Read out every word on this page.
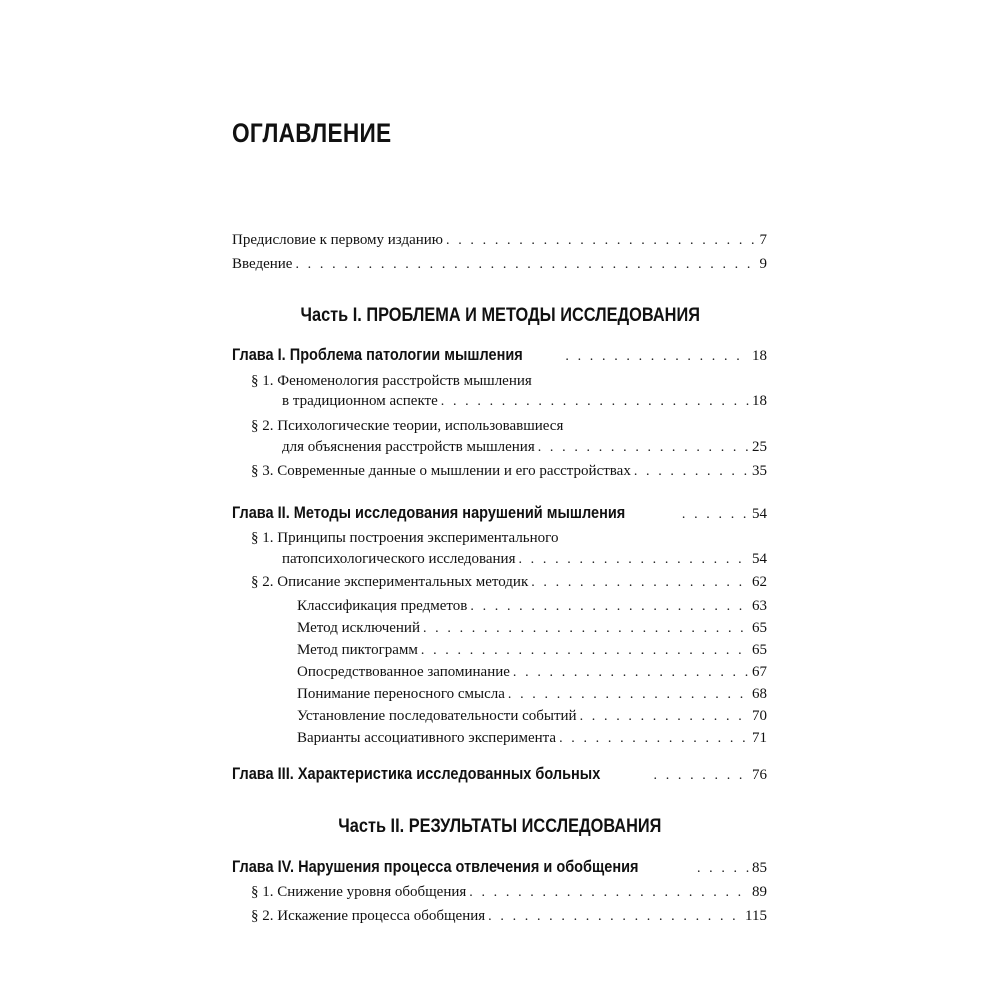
ОГЛАВЛЕНИЕ
Предисловие к первому изданию . . .	7
Введение . . .	9
Часть I. ПРОБЛЕМА И МЕТОДЫ ИССЛЕДОВАНИЯ
Глава I. Проблема патологии мышления . . .	18
§ 1. Феноменология расстройств мышления
в традиционном аспекте . . .	18
§ 2. Психологические теории, использовавшиеся
для объяснения расстройств мышления . . .	25
§ 3. Современные данные о мышлении и его расстройствах . . .	35
Глава II. Методы исследования нарушений мышления . . .	54
§ 1. Принципы построения экспериментального
патопсихологического исследования . . .	54
§ 2. Описание экспериментальных методик . . .	62
Классификация предметов . . .	63
Метод исключений . . .	65
Метод пиктограмм . . .	65
Опосредствованное запоминание . . .	67
Понимание переносного смысла . . .	68
Установление последовательности событий . . .	70
Варианты ассоциативного эксперимента . . .	71
Глава III. Характеристика исследованных больных . . .	76
Часть II. РЕЗУЛЬТАТЫ ИССЛЕДОВАНИЯ
Глава IV. Нарушения процесса отвлечения и обобщения . . .	85
§ 1. Снижение уровня обобщения . . .	89
§ 2. Искажение процесса обобщения . . .	115
